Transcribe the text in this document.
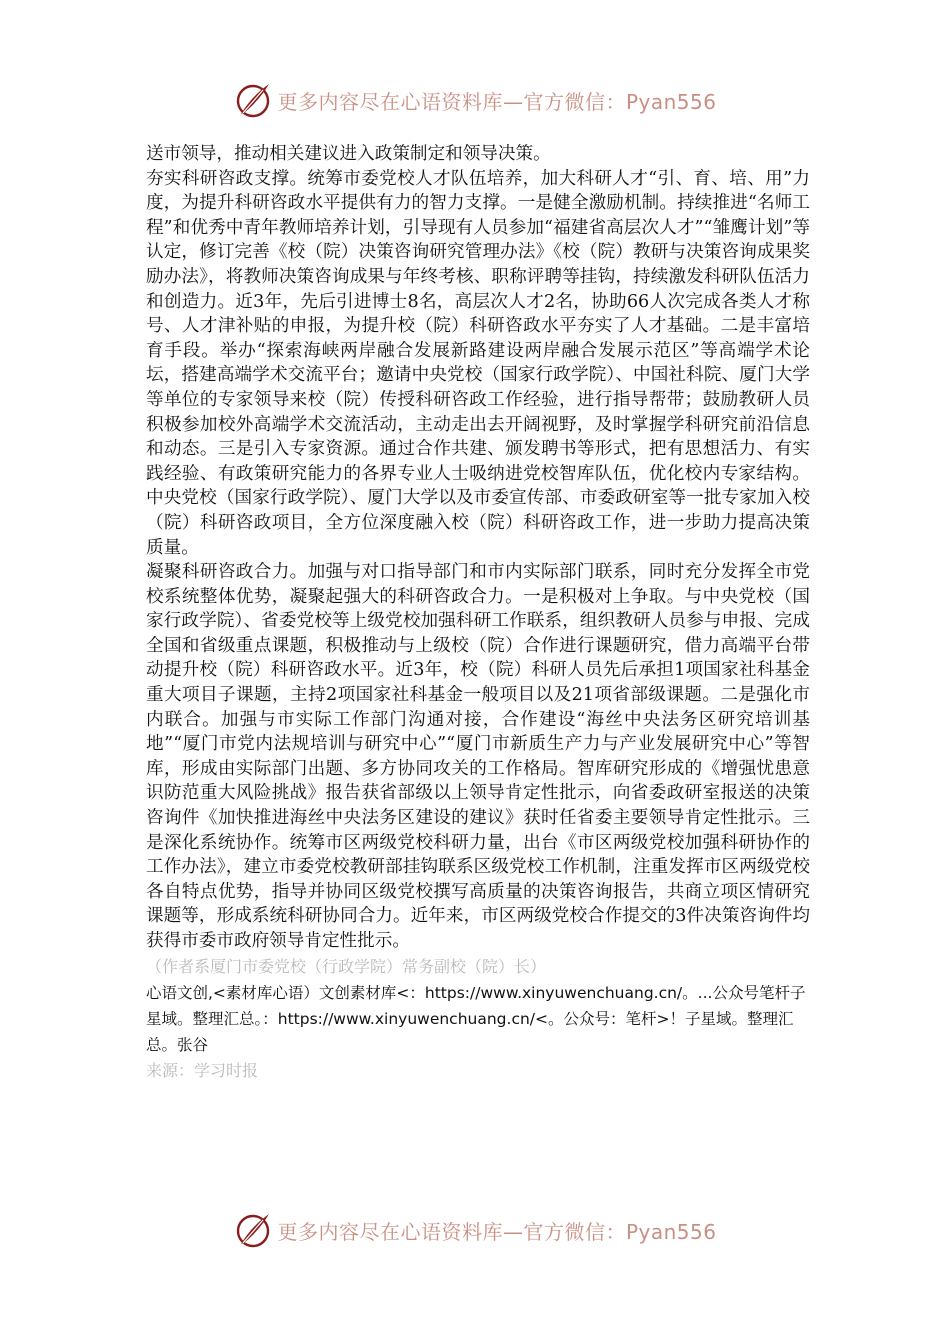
更多内容尽在心语资料库—官方微信：Pyan556

送市领导，推动相关建议进入政策制定和领导决策。

夯实科研咨政支撑。统筹市委党校人才队伍培养，加大科研人才“引、育、培、用”力度，为提升科研咨政水平提供有力的智力支撑。一是健全激励机制。持续推进“名师工程”和优秀中青年教师培养计划，引导现有人员参加“福建省高层次人才”“雏鹰计划”等认定，修订完善《校（院）决策咨询研究管理办法》《校（院）教研与决策咨询成果奖励办法》，将教师决策咨询成果与年终考核、职称评聘等挂钩，持续激发科研队伍活力和创造力。近3年，先后引进博士8名，高层次人才2名，协助66人次完成各类人才称号、人才津补贴的申报，为提升校（院）科研咨政水平夯实了人才基础。二是丰富培育手段。举办“探索海峡两岸融合发展新路建设两岸融合发展示范区”等高端学术论坛，搭建高端学术交流平台；邀请中央党校（国家行政学院）、中国社科院、厦门大学等单位的专家领导来校（院）传授科研咨政工作经验，进行指导帮带；鼓励教研人员积极参加校外高端学术交流活动，主动走出去开阔视野，及时掌握学科研究前沿信息和动态。三是引入专家资源。通过合作共建、颁发聘书等形式，把有思想活力、有实践经验、有政策研究能力的各界专业人士吸纳进党校智库队伍，优化校内专家结构。中央党校（国家行政学院）、厦门大学以及市委宣传部、市委政研室等一批专家加入校（院）科研咨政项目，全方位深度融入校（院）科研咨政工作，进一步助力提高决策质量。

凝聚科研咨政合力。加强与对口指导部门和市内实际部门联系，同时充分发挥全市党校系统整体优势，凝聚起强大的科研咨政合力。一是积极对上争取。与中央党校（国家行政学院）、省委党校等上级党校加强科研工作联系，组织教研人员参与申报、完成全国和省级重点课题，积极推动与上级校（院）合作进行课题研究，借力高端平台带动提升校（院）科研咨政水平。近3年，校（院）科研人员先后承担1项国家社科基金重大项目子课题，主持2项国家社科基金一般项目以及21项省部级课题。二是强化市内联合。加强与市实际工作部门沟通对接，合作建设“海丝中央法务区研究培训基地”“厦门市党内法规培训与研究中心”“厦门市新质生产力与产业发展研究中心”等智库，形成由实际部门出题、多方协同攻关的工作格局。智库研究形成的《增强忧患意识防范重大风险挑战》报告获省部级以上领导肯定性批示，向省委政研室报送的决策咨询件《加快推进海丝中央法务区建设的建议》获时任省委主要领导肯定性批示。三是深化系统协作。统筹市区两级党校科研力量，出台《市区两级党校加强科研协作的工作办法》，建立市委党校教研部挂钩联系区级党校工作机制，注重发挥市区两级党校各自特点优势，指导并协同区级党校撰写高质量的决策咨询报告，共商立项区情研究课题等，形成系统科研协同合力。近年来，市区两级党校合作提交的3件决策咨询件均获得市委市政府领导肯定性批示。

（作者系厦门市委党校（行政学院）常务副校（院）长）

心语文创,<素材库心语）文创素材库<：https://www.xinyuwenchuang.cn/。...公众号笔杆子星域。整理汇总。：https://www.xinyuwenchuang.cn/<。公众号：笔杆>！子星域。整理汇总。张谷

来源：学习时报

更多内容尽在心语资料库—官方微信：Pyan556
